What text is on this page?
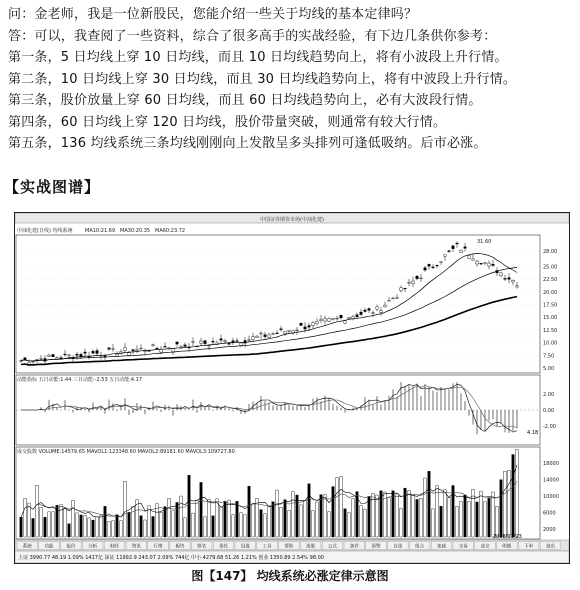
问：金老师，我是一位新股民，您能介绍一些关于均线的基本定律吗？

答：可以，我查阅了一些资料，综合了很多高手的实战经验，有下边几条供你参考：

第一条，5 日均线上穿 10 日均线，而且 10 日均线趋势向上，将有小波段上升行情。

第二条，10 日均线上穿 30 日均线，而且 30 日均线趋势向上，将有中波段上升行情。

第三条，股价放量上穿 60 日均线，而且 60 日均线趋势向上，必有大波段行情。

第四条，60 日均线上穿 120 日均线，股价带量突破，则通常有较大行情。

第五条，136 均线系统三条均线刚刚向上发散呈多头排列可逢低吸纳。后市必涨。

【实战图谱】
中国证券期货市场(中油化建)
中油化建(日线) 均线系统	MA10:21.69 MA30:20.35 MA60:23.72
31.60
28.00
25.00
22.50
20.00
17.50
15.00
12.50
10.00
7.50
5.00
动能指标 五日动能:1.44 三日动能:-2.53 五日动能:4.17
2.00
0.00
-2.00
4.18
成交股数 VOLUME:14579.65 MAVOL1:123348.60 MAVOL2:89181.60 MAVOL3:109727.80
18000
14000
10000
6000
2000
系统	功能	报价	分析	财经	资讯	行情	板块	排名	委托	设置	工具	帮助	选股	公式	条件	预警	自选	组合	加减	交易	成交	明细	下单	退出
2008/03/23
上证 3990.77 48.19 1.09% 1417亿 深证 11992.9 243.07 2.09% 744亿 中小 4279.68 51.26 1.21% 创业 1350.89 2.54% 98.00
图【147】 均线系统必涨定律示意图
